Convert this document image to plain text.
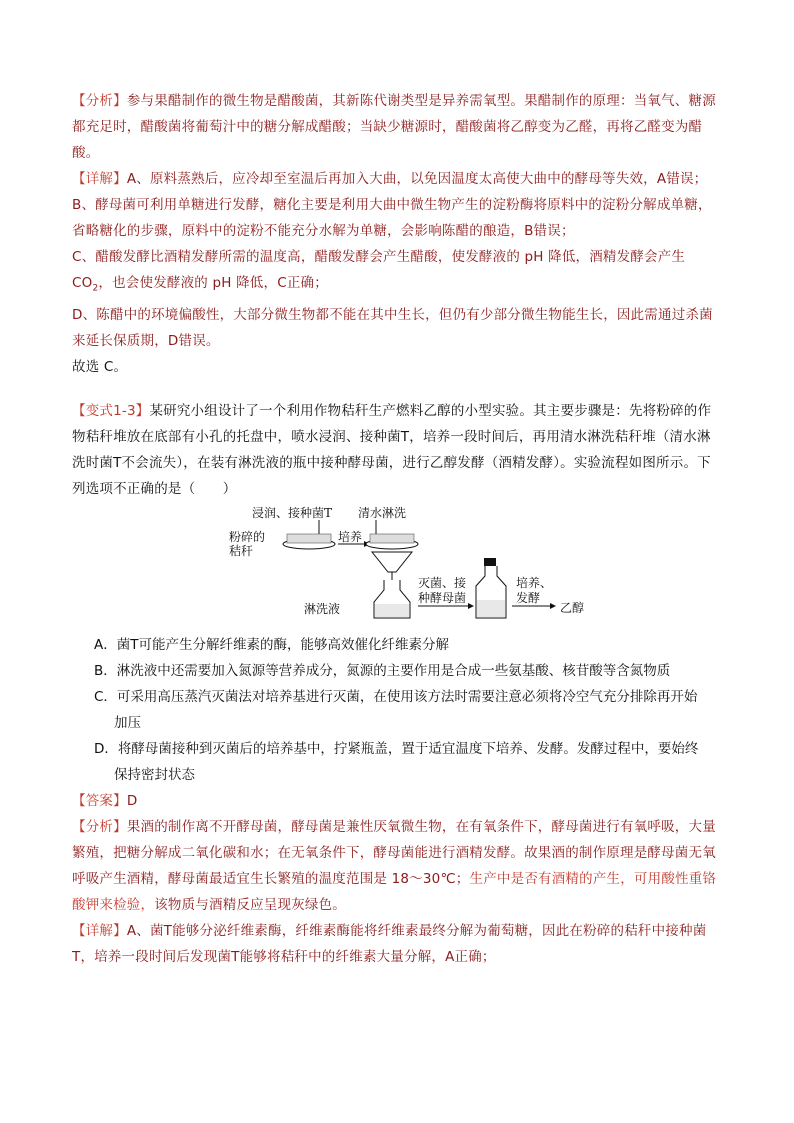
【分析】参与果醋制作的微生物是醋酸菌，其新陈代谢类型是异养需氧型。果醋制作的原理：当氧气、糖源都充足时，醋酸菌将葡萄汁中的糖分解成醋酸；当缺少糖源时，醋酸菌将乙醇变为乙醛，再将乙醛变为醋酸。

【详解】A、原料蒸熟后，应冷却至室温后再加入大曲，以免因温度太高使大曲中的酵母等失效，A错误；

B、酵母菌可利用单糖进行发酵，糖化主要是利用大曲中微生物产生的淀粉酶将原料中的淀粉分解成单糖，省略糖化的步骤，原料中的淀粉不能充分水解为单糖，会影响陈醋的酿造，B错误；

C、醋酸发酵比酒精发酵所需的温度高，醋酸发酵会产生醋酸，使发酵液的 pH 降低，酒精发酵会产生
$CO_2$，也会使发酵液的 pH 降低，C正确；

D、陈醋中的环境偏酸性，大部分微生物都不能在其中生长，但仍有少部分微生物能生长，因此需通过杀菌来延长保质期，D错误。

故选 C。

【变式1-3】某研究小组设计了一个利用作物秸秆生产燃料乙醇的小型实验。其主要步骤是：先将粉碎的作物秸秆堆放在底部有小孔的托盘中，喷水浸润、接种菌T，培养一段时间后，再用清水淋洗秸秆堆（清水淋洗时菌T不会流失），在装有淋洗液的瓶中接种酵母菌，进行乙醇发酵（酒精发酵）。实验流程如图所示。下列选项不正确的是（　　）
浸润、接种菌T 清水淋洗
粉碎的
秸秆
培养
淋洗液
灭菌、接
种酵母菌
培养、
发酵
乙醇
A．菌T可能产生分解纤维素的酶，能够高效催化纤维素分解
B．淋洗液中还需要加入氮源等营养成分，氮源的主要作用是合成一些氨基酸、核苷酸等含氮物质
C．可采用高压蒸汽灭菌法对培养基进行灭菌，在使用该方法时需要注意必须将冷空气充分排除再开始
加压
D．将酵母菌接种到灭菌后的培养基中，拧紧瓶盖，置于适宜温度下培养、发酵。发酵过程中，要始终
保持密封状态

【答案】D

【分析】果酒的制作离不开酵母菌，酵母菌是兼性厌氧微生物，在有氧条件下，酵母菌进行有氧呼吸，大量繁殖，把糖分解成二氧化碳和水；在无氧条件下，酵母菌能进行酒精发酵。故果酒的制作原理是酵母菌无氧呼吸产生酒精，酵母菌最适宜生长繁殖的温度范围是 18～30℃；生产中是否有酒精的产生，可用酸性重铬酸钾来检验，该物质与酒精反应呈现灰绿色。

【详解】A、菌T能够分泌纤维素酶，纤维素酶能将纤维素最终分解为葡萄糖，因此在粉碎的秸秆中接种菌T，培养一段时间后发现菌T能够将秸秆中的纤维素大量分解，A正确；
